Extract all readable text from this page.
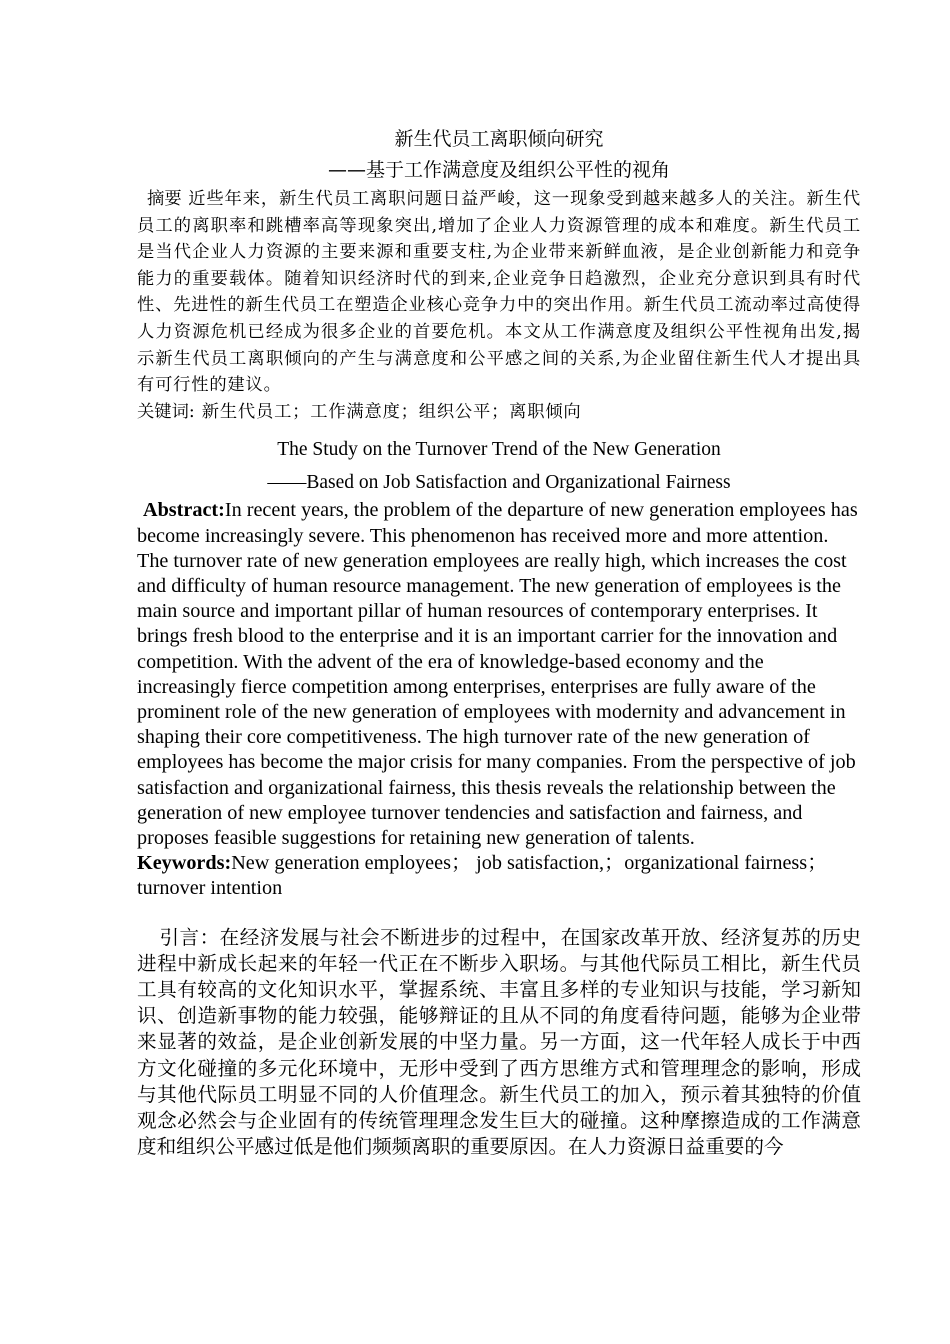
新生代员工离职倾向研究

——基于工作满意度及组织公平性的视角

摘要 近些年来，新生代员工离职问题日益严峻，这一现象受到越来越多人的关注。新生代员工的离职率和跳槽率高等现象突出,增加了企业人力资源管理的成本和难度。新生代员工是当代企业人力资源的主要来源和重要支柱,为企业带来新鲜血液，是企业创新能力和竞争能力的重要载体。随着知识经济时代的到来,企业竞争日趋激烈，企业充分意识到具有时代性、先进性的新生代员工在塑造企业核心竞争力中的突出作用。新生代员工流动率过高使得人力资源危机已经成为很多企业的首要危机。本文从工作满意度及组织公平性视角出发,揭示新生代员工离职倾向的产生与满意度和公平感之间的关系,为企业留住新生代人才提出具有可行性的建议。

关键词: 新生代员工；工作满意度；组织公平；离职倾向

The Study on the Turnover Trend of the New Generation

——Based on Job Satisfaction and Organizational Fairness

Abstract:In recent years, the problem of the departure of new generation employees has become increasingly severe. This phenomenon has received more and more attention. The turnover rate of new generation employees are really high, which increases the cost and difficulty of human resource management. The new generation of employees is the main source and important pillar of human resources of contemporary enterprises. It brings fresh blood to the enterprise and it is an important carrier for the innovation and competition. With the advent of the era of knowledge-based economy and the increasingly fierce competition among enterprises, enterprises are fully aware of the prominent role of the new generation of employees with modernity and advancement in shaping their core competitiveness. The high turnover rate of the new generation of employees has become the major crisis for many companies. From the perspective of job satisfaction and organizational fairness, this thesis reveals the relationship between the generation of new employee turnover tendencies and satisfaction and fairness, and proposes feasible suggestions for retaining new generation of talents.

Keywords:New generation employees； job satisfaction,；organizational fairness； turnover intention

引言：在经济发展与社会不断进步的过程中，在国家改革开放、经济复苏的历史进程中新成长起来的年轻一代正在不断步入职场。与其他代际员工相比，新生代员工具有较高的文化知识水平，掌握系统、丰富且多样的专业知识与技能，学习新知识、创造新事物的能力较强，能够辩证的且从不同的角度看待问题，能够为企业带来显著的效益，是企业创新发展的中坚力量。另一方面，这一代年轻人成长于中西方文化碰撞的多元化环境中，无形中受到了西方思维方式和管理理念的影响，形成与其他代际员工明显不同的人价值理念。新生代员工的加入，预示着其独特的价值观念必然会与企业固有的传统管理理念发生巨大的碰撞。这种摩擦造成的工作满意度和组织公平感过低是他们频频离职的重要原因。在人力资源日益重要的今
